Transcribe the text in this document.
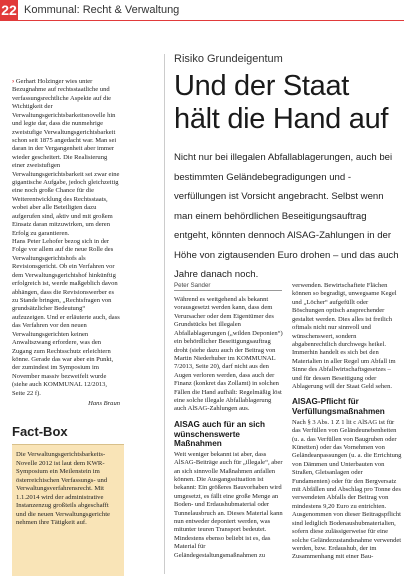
22 Kommunal: Recht & Verwaltung

› Gerhart Holzinger wies unter Bezugnahme auf rechtsstaatliche und verfassungsrechtliche Aspekte auf die Wichtigkeit der Verwaltungsgerichtsbarkeitsnovelle hin und legte dar, dass die nunmehrige zweistufige Verwaltungsgerichtsbarkeit schon seit 1875 angedacht war. Man sei daran in der Vergangenheit aber immer wieder gescheitert. Die Realisierung einer zweistufigen Verwaltungsgerichtsbarkeit sei zwar eine gigantische Aufgabe, jedoch gleichzeitig eine noch große Chance für die Weiterentwicklung des Rechtsstaats, wobei aber alle Beteiligten dazu aufgerufen sind, aktiv und mit großem Einsatz daran mitzuwirken, um deren Erfolg zu garantieren.

Hans Peter Lehofer bezog sich in der Folge vor allem auf die neue Rolle des Verwaltungsgerichtshofs als Revisionsgericht. Ob ein Verfahren vor dem Verwaltungsgerichtshof hinkünftig erfolgreich ist, werde maßgeblich davon abhängen, dass die Revisionswerber es zu Stande bringen, „Rechtsfragen von grundsätzlicher Bedeutung“ aufzuzeigen. Und er erläuterte auch, dass das Verfahren vor den neuen Verwaltungsgerichten keinen Anwaltszwang erfordere, was den Zugang zum Rechtsschutz erleichtern könne. Gerade das war aber ein Punkt, der zumindest im Symposium im November massiv bezweifelt wurde (siehe auch KOMMUNAL 12/2013, Seite 22 f).

Hans Braun

Fact-Box
Die Verwaltungsgerichtsbarkeits-Novelle 2012 ist laut dem KWR-Symposium ein Meilenstein im österreichischen Verfassungs- und Verwaltungsverfahrensrecht. Mit 1.1.2014 wird der administrative Instanzenzug großteils abgeschafft und die neuen Verwaltungsgerichte nehmen ihre Tätigkeit auf.
Risiko Grundeigentum
Und der Staat hält die Hand auf
Nicht nur bei illegalen Abfallablagerungen, auch bei bestimmten Geländebegradigungen und -verfüllungen ist Vorsicht angebracht. Selbst wenn man einem behördlichen Beseitigungsauftrag entgeht, könnten dennoch AlSAG-Zahlungen in der Höhe von zigtausenden Euro drohen – und das auch Jahre danach noch.
Peter Sander

Während es weitgehend als bekannt vorausgesetzt werden kann, dass dem Verursacher oder dem Eigentümer des Grundstücks bei illegalen Abfallablagerungen („wilden Deponien“) ein behördlicher Beseitigungsauftrag droht (siehe dazu auch der Beitrag von Martin Niederhuber im KOMMUNAL 7/2013, Seite 20), darf nicht aus den Augen verloren werden, dass auch der Finanz (konkret das Zollamt) in solchen Fällen die Hand aufhält: Regelmäßig löst eine solche illegale Abfallablagerung auch AlSAG-Zahlungen aus.

AlSAG auch für an sich wünschenswerte Maßnahmen

Weit weniger bekannt ist aber, dass AlSAG-Beiträge auch für „illegale“, aber an sich sinnvolle Maßnahmen anfallen können. Die Ausgangssituation ist bekannt: Ein größeres Bauvorhaben wird umgesetzt, es fällt eine große Menge an Boden- und Erdaushubmaterial oder Tunnelausbruch an. Dieses Material kann nun entweder deponiert werden, was mitunter teuren Transport bedeutet. Mindestens ebenso beliebt ist es, das Material für Geländegestaltungsmaßnahmen zu

verwenden. Bewirtschaftete Flächen können so begradigt, unwegsame Kegel und „Löcher“ aufgefüllt oder Böschungen optisch ansprechender gestaltet werden. Dies alles ist freilich oftmals nicht nur sinnvoll und wünschenswert, sondern abgabenrechtlich durchwegs heikel. Immerhin handelt es sich bei den Materialien in aller Regel um Abfall im Sinne des Abfallwirtschaftsgesetzes – und für dessen Beseitigung oder Ablagerung will der Staat Geld sehen.

AlSAG-Pflicht für Verfüllungsmaßnahmen

Nach § 3 Abs. 1 Z 1 lit c AlSAG ist für das Verfüllen von Geländeunebenheiten (u. a. das Verfüllen von Baugruben oder Künetten) oder das Vornehmen von Geländeanpassungen (u. a. die Errichtung von Dämmen und Unterbauten von Straßen, Gleisanlagen oder Fundamenten) oder für den Bergversatz mit Abfällen und Abschlag pro Tonne des verwendeten Abfalls der Beitrag von mindestens 9,20 Euro zu entrichten. Ausgenommen von dieser Beitragspflicht sind lediglich Bodenaushubmaterialien, sofern diese zulässigerweise für eine solche Geländezustandsnahme verwendet werden, bzw. Erdaushub, der im Zusammenhang mit einer Bau-
